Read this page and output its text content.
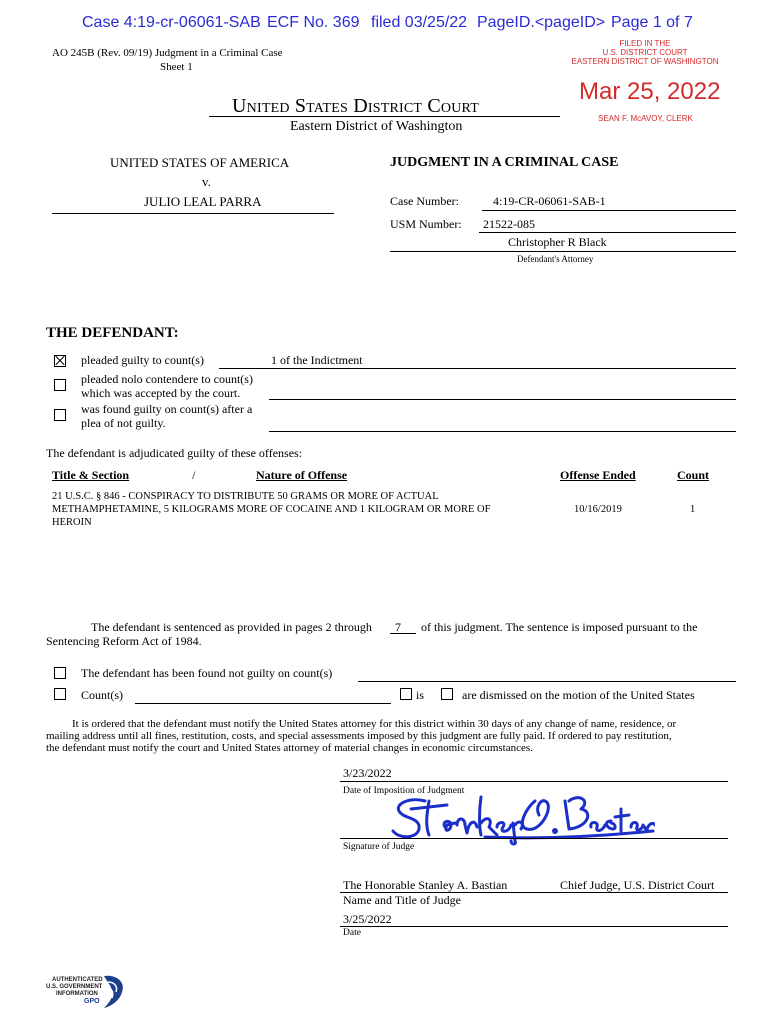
Case 4:19-cr-06061-SAB ECF No. 369 filed 03/25/22 PageID.<pageID> Page 1 of 7
AO 245B (Rev. 09/19) Judgment in a Criminal Case
Sheet 1
FILED IN THE
U.S. DISTRICT COURT
EASTERN DISTRICT OF WASHINGTON
Mar 25, 2022
SEAN F. McAVOY, CLERK
United States District Court
Eastern District of Washington
UNITED STATES OF AMERICA
v.
JULIO LEAL PARRA
JUDGMENT IN A CRIMINAL CASE
Case Number:	4:19-CR-06061-SAB-1
USM Number: 21522-085
Christopher R Black
Defendant's Attorney
THE DEFENDANT:
pleaded guilty to count(s)	1 of the Indictment
pleaded nolo contendere to count(s)
which was accepted by the court.
was found guilty on count(s) after a
plea of not guilty.
The defendant is adjudicated guilty of these offenses:
Title & Section	/	Nature of Offense	Offense Ended	Count
21 U.S.C. § 846 - CONSPIRACY TO DISTRIBUTE 50 GRAMS OR MORE OF ACTUAL
METHAMPHETAMINE, 5 KILOGRAMS MORE OF COCAINE AND 1 KILOGRAM OR MORE OF
HEROIN
10/16/2019	1
The defendant is sentenced as provided in pages 2 through 7 of this judgment. The sentence is imposed pursuant to the
Sentencing Reform Act of 1984.
The defendant has been found not guilty on count(s)
Count(s)	is	are dismissed on the motion of the United States
It is ordered that the defendant must notify the United States attorney for this district within 30 days of any change of name, residence, or
mailing address until all fines, restitution, costs, and special assessments imposed by this judgment are fully paid. If ordered to pay restitution,
the defendant must notify the court and United States attorney of material changes in economic circumstances.
3/23/2022
Date of Imposition of Judgment
Signature of Judge
The Honorable Stanley A. Bastian	Chief Judge, U.S. District Court
Name and Title of Judge
3/25/2022
Date
AUTHENTICATED
U.S. GOVERNMENT
INFORMATION
GPO
